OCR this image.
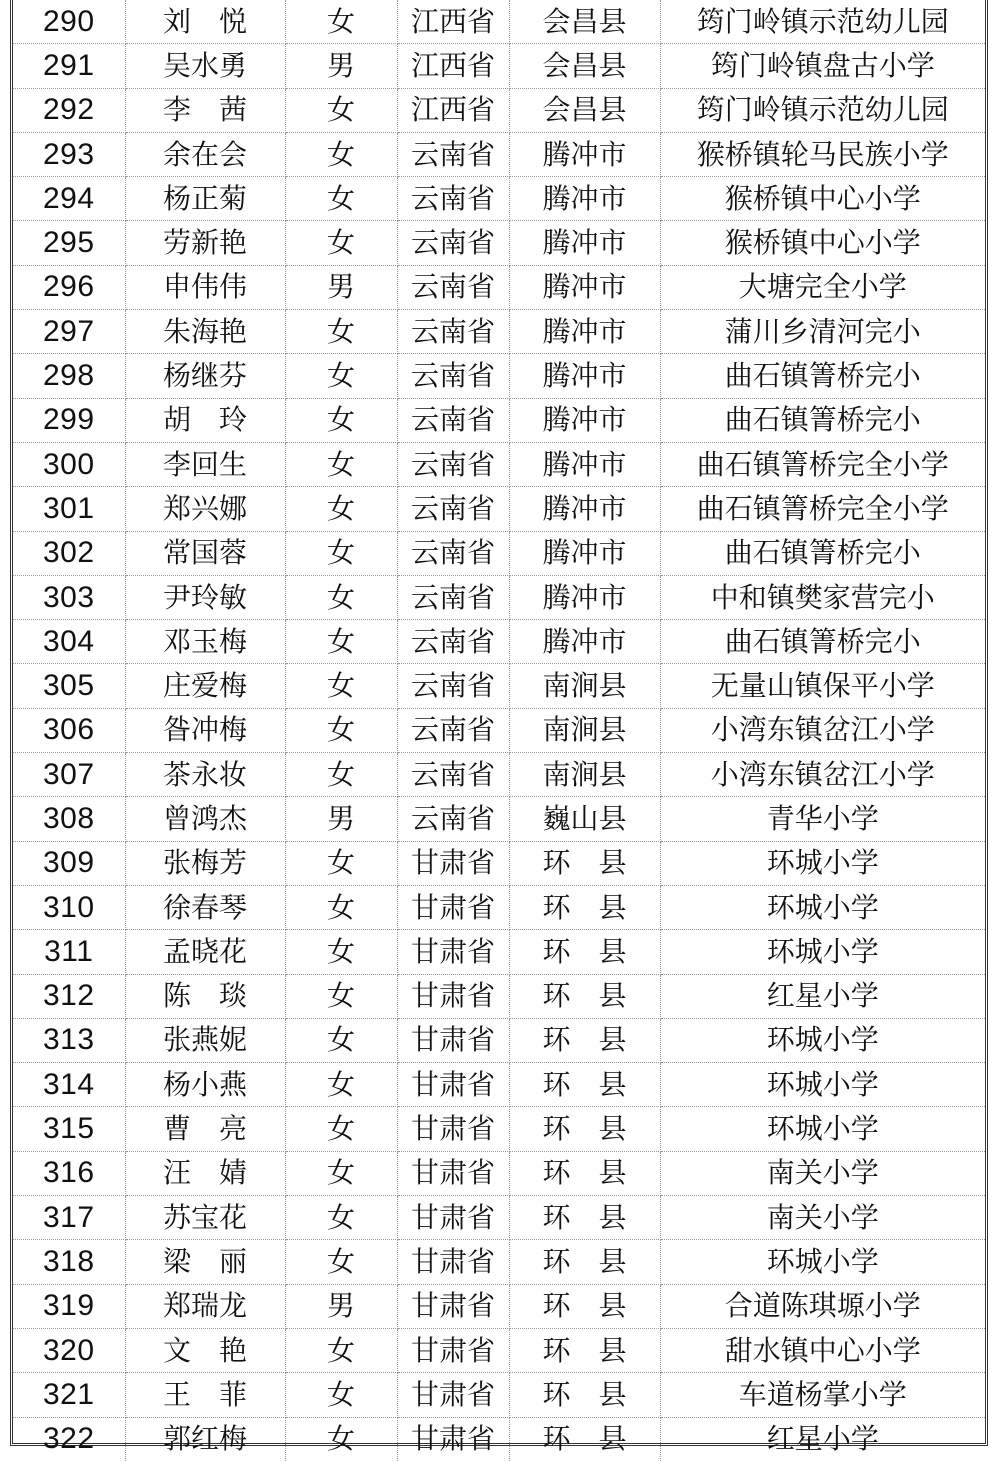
290	刘　悦	女	江西省	会昌县	筠门岭镇示范幼儿园
291	吴水勇	男	江西省	会昌县	筠门岭镇盘古小学
292	李　茜	女	江西省	会昌县	筠门岭镇示范幼儿园
293	余在会	女	云南省	腾冲市	猴桥镇轮马民族小学
294	杨正菊	女	云南省	腾冲市	猴桥镇中心小学
295	劳新艳	女	云南省	腾冲市	猴桥镇中心小学
296	申伟伟	男	云南省	腾冲市	大塘完全小学
297	朱海艳	女	云南省	腾冲市	蒲川乡清河完小
298	杨继芬	女	云南省	腾冲市	曲石镇箐桥完小
299	胡　玲	女	云南省	腾冲市	曲石镇箐桥完小
300	李回生	女	云南省	腾冲市	曲石镇箐桥完全小学
301	郑兴娜	女	云南省	腾冲市	曲石镇箐桥完全小学
302	常国蓉	女	云南省	腾冲市	曲石镇箐桥完小
303	尹玲敏	女	云南省	腾冲市	中和镇樊家营完小
304	邓玉梅	女	云南省	腾冲市	曲石镇箐桥完小
305	庄爱梅	女	云南省	南涧县	无量山镇保平小学
306	昝冲梅	女	云南省	南涧县	小湾东镇岔江小学
307	茶永妆	女	云南省	南涧县	小湾东镇岔江小学
308	曾鸿杰	男	云南省	巍山县	青华小学
309	张梅芳	女	甘肃省	环　县	环城小学
310	徐春琴	女	甘肃省	环　县	环城小学
311	孟晓花	女	甘肃省	环　县	环城小学
312	陈　琰	女	甘肃省	环　县	红星小学
313	张燕妮	女	甘肃省	环　县	环城小学
314	杨小燕	女	甘肃省	环　县	环城小学
315	曹　亮	女	甘肃省	环　县	环城小学
316	汪　婧	女	甘肃省	环　县	南关小学
317	苏宝花	女	甘肃省	环　县	南关小学
318	梁　丽	女	甘肃省	环　县	环城小学
319	郑瑞龙	男	甘肃省	环　县	合道陈琪塬小学
320	文　艳	女	甘肃省	环　县	甜水镇中心小学
321	王　菲	女	甘肃省	环　县	车道杨掌小学
322	郭红梅	女	甘肃省	环　县	红星小学
